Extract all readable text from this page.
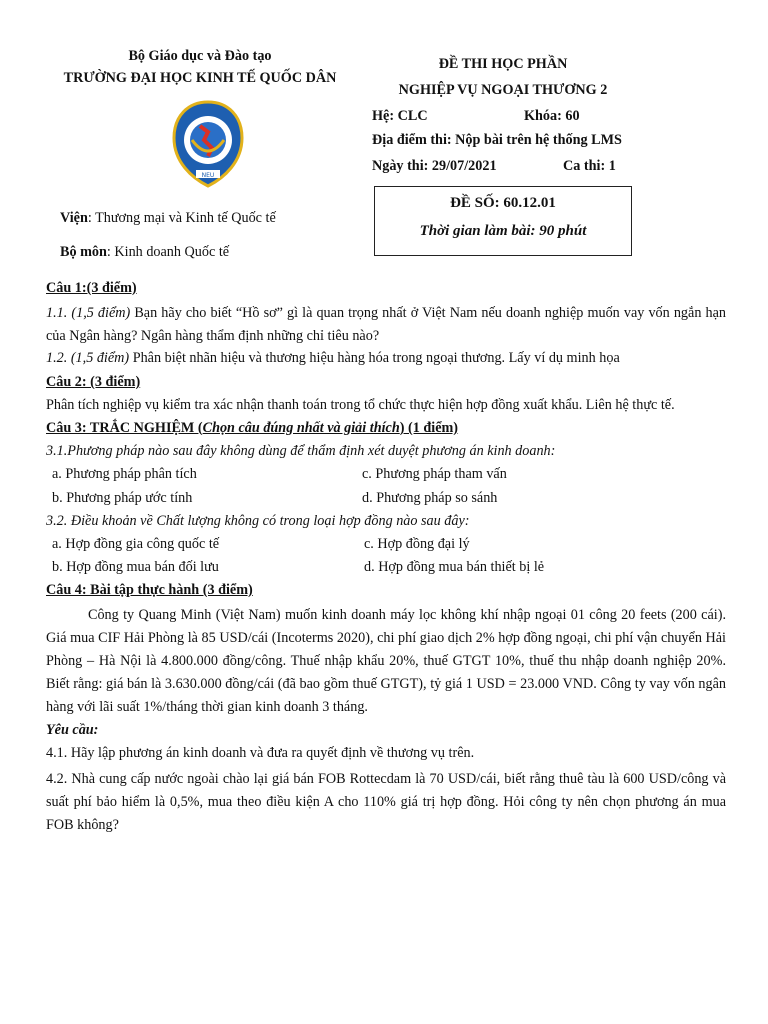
Bộ Giáo dục và Đào tạo
TRƯỜNG ĐẠI HỌC KINH TẾ QUỐC DÂN
NEU
Viện: Thương mại và Kinh tế Quốc tế
Bộ môn: Kinh doanh Quốc tế
ĐỀ THI HỌC PHẦN
NGHIỆP VỤ NGOẠI THƯƠNG 2
Hệ: CLC	Khóa: 60
Địa điểm thi: Nộp bài trên hệ thống LMS
Ngày thi: 29/07/2021	Ca thi: 1
ĐỀ SỐ: 60.12.01
Thời gian làm bài: 90 phút
Câu 1:(3 điểm)
1.1. (1,5 điểm) Bạn hãy cho biết “Hồ sơ” gì là quan trọng nhất ở Việt Nam nếu doanh nghiệp muốn vay vốn ngắn hạn của Ngân hàng? Ngân hàng thẩm định những chỉ tiêu nào?
1.2. (1,5 điểm) Phân biệt nhãn hiệu và thương hiệu hàng hóa trong ngoại thương. Lấy ví dụ minh họa
Câu 2: (3 điểm)
Phân tích nghiệp vụ kiểm tra xác nhận thanh toán trong tổ chức thực hiện hợp đồng xuất khẩu. Liên hệ thực tế.
Câu 3: TRẮC NGHIỆM (Chọn câu đúng nhất và giải thích) (1 điểm)
3.1.Phương pháp nào sau đây không dùng để thẩm định xét duyệt phương án kinh doanh:
a. Phương pháp phân tích	c. Phương pháp tham vấn
b. Phương pháp ước tính	d. Phương pháp so sánh
3.2. Điều khoản về Chất lượng không có trong loại hợp đồng nào sau đây:
a. Hợp đồng gia công quốc tế	c. Hợp đồng đại lý
b. Hợp đồng mua bán đối lưu	d. Hợp đồng mua bán thiết bị lẻ
Câu 4: Bài tập thực hành (3 điểm)
Công ty Quang Minh (Việt Nam) muốn kinh doanh máy lọc không khí nhập ngoại 01 công 20 feets (200 cái). Giá mua CIF Hải Phòng là 85 USD/cái (Incoterms 2020), chi phí giao dịch 2% hợp đồng ngoại, chi phí vận chuyển Hải Phòng – Hà Nội là 4.800.000 đồng/công. Thuế nhập khẩu 20%, thuế GTGT 10%, thuế thu nhập doanh nghiệp 20%. Biết rằng: giá bán là 3.630.000 đồng/cái (đã bao gồm thuế GTGT), tỷ giá 1 USD = 23.000 VND. Công ty vay vốn ngân hàng với lãi suất 1%/tháng thời gian kinh doanh 3 tháng.
Yêu cầu:
4.1. Hãy lập phương án kinh doanh và đưa ra quyết định về thương vụ trên.
4.2. Nhà cung cấp nước ngoài chào lại giá bán FOB Rottecdam là 70 USD/cái, biết rằng thuê tàu là 600 USD/công và suất phí bảo hiểm là 0,5%, mua theo điều kiện A cho 110% giá trị hợp đồng. Hỏi công ty nên chọn phương án mua FOB không?
